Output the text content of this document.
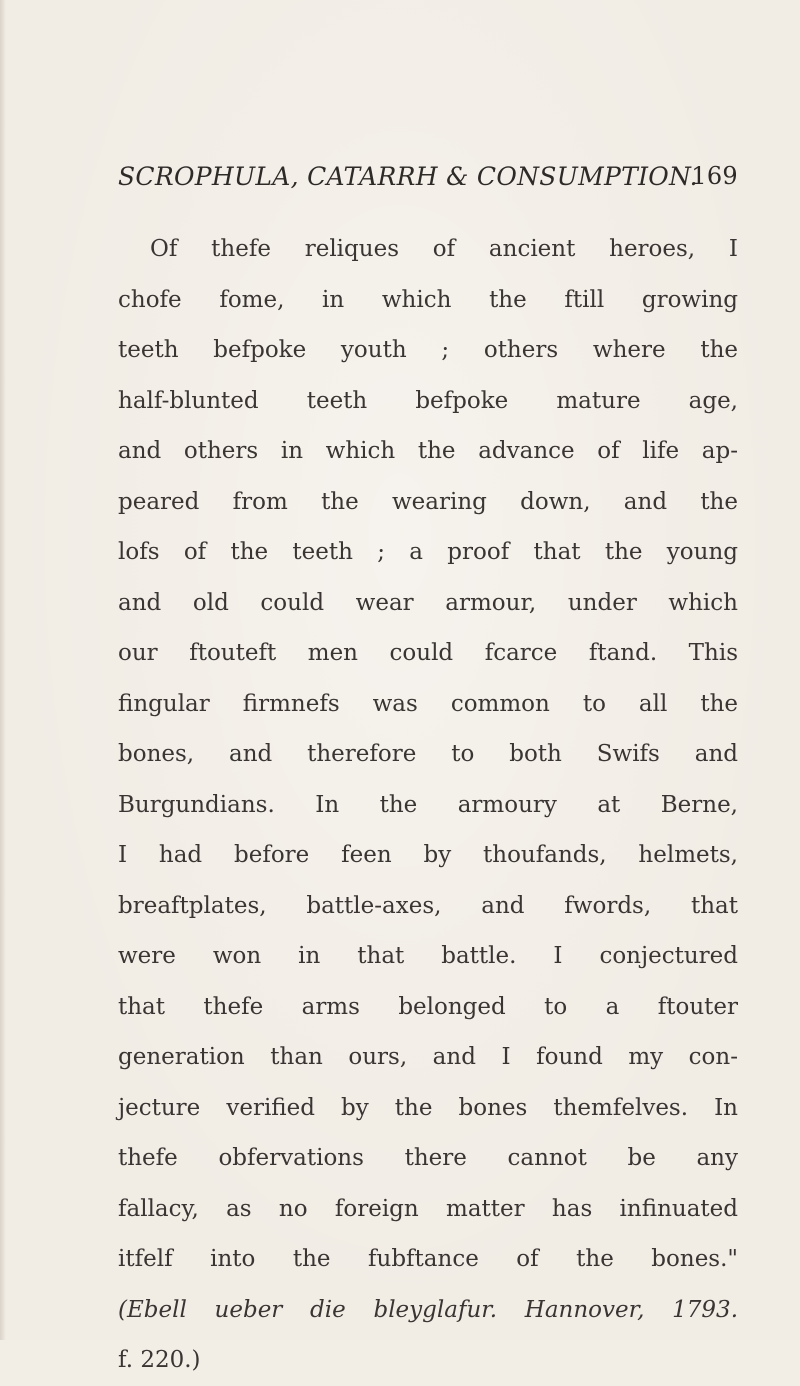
SCROPHULA, CATARRH & CONSUMPTION.
169
Of thefe reliques of ancient heroes, I
chofe fome, in which the ftill growing
teeth befpoke youth ; others where the
half-blunted teeth befpoke mature age,
and others in which the advance of life ap-
peared from the wearing down, and the
lofs of the teeth ; a proof that the young
and old could wear armour, under which
our ftouteft men could fcarce ftand. This
fingular firmnefs was common to all the
bones, and therefore to both Swifs and
Burgundians. In the armoury at Berne,
I had before feen by thoufands, helmets,
breaftplates, battle-axes, and fwords, that
were won in that battle. I conjectured
that thefe arms belonged to a ftouter
generation than ours, and I found my con-
jecture verified by the bones themfelves. In
thefe obfervations there cannot be any
fallacy, as no foreign matter has infinuated
itfelf into the fubftance of the bones."
(Ebell ueber die bleyglafur. Hannover, 1793.
f. 220.)
